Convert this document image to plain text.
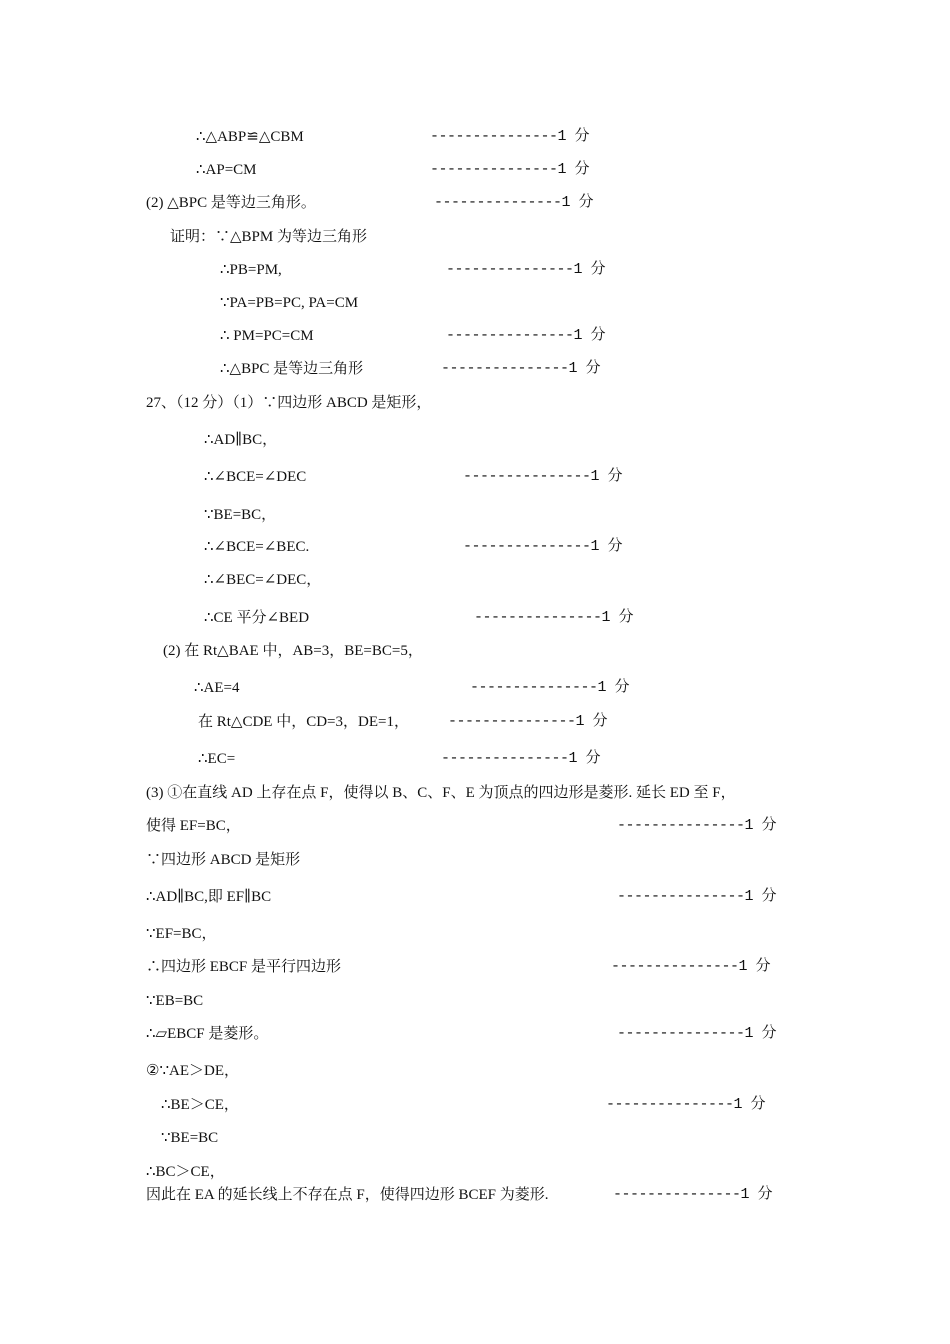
∴△ABP≌△CBM	---------------1 分
∴AP=CM	---------------1 分
(2) △BPC 是等边三角形。	---------------1 分
证明：∵△BPM 为等边三角形
∴PB=PM,	---------------1 分
∵PA=PB=PC, PA=CM
∴ PM=PC=CM	---------------1 分
∴△BPC 是等边三角形	---------------1 分
27、（12 分）（1）∵四边形 ABCD 是矩形，
∴AD∥BC，
∴∠BCE=∠DEC	---------------1 分
∵BE=BC，
∴∠BCE=∠BEC.	---------------1 分
∴∠BEC=∠DEC，
∴CE 平分∠BED	---------------1 分
(2) 在 Rt△BAE 中，AB=3，BE=BC=5，
∴AE=4	---------------1 分
在 Rt△CDE 中，CD=3，DE=1，	---------------1 分
∴EC=	---------------1 分
(3) ①在直线 AD 上存在点 F，使得以 B、C、F、E 为顶点的四边形是菱形. 延长 ED 至 F，
使得 EF=BC，	---------------1 分
∵四边形 ABCD 是矩形
∴AD∥BC,即 EF∥BC	---------------1 分
∵EF=BC，
∴四边形 EBCF 是平行四边形	---------------1 分
∵EB=BC
∴▱EBCF 是菱形。	---------------1 分
②∵AE＞DE，
∴BE＞CE，	---------------1 分
∵BE=BC
∴BC＞CE，
因此在 EA 的延长线上不存在点 F，使得四边形 BCEF 为菱形.	---------------1 分
